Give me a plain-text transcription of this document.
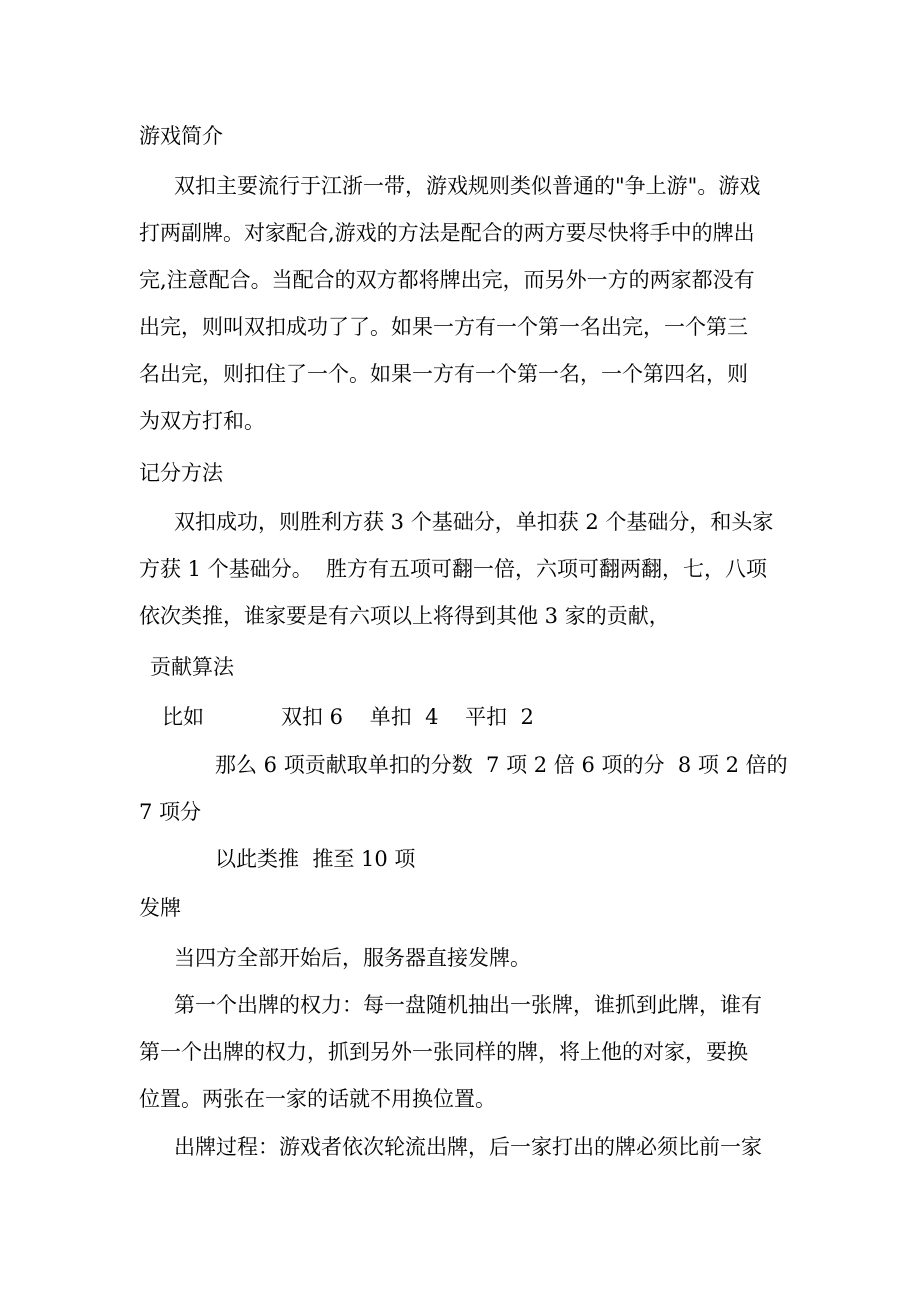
游戏简介

双扣主要流行于江浙一带，游戏规则类似普通的"争上游"。游戏

打两副牌。对家配合,游戏的方法是配合的两方要尽快将手中的牌出

完,注意配合。当配合的双方都将牌出完，而另外一方的两家都没有

出完，则叫双扣成功了了。如果一方有一个第一名出完，一个第三

名出完，则扣住了一个。如果一方有一个第一名，一个第四名，则

为双方打和。

记分方法

双扣成功，则胜利方获 3 个基础分，单扣获 2 个基础分，和头家

方获 1 个基础分。  胜方有五项可翻一倍，六项可翻两翻，七，八项

依次类推，谁家要是有六项以上将得到其他 3 家的贡献，

贡献算法

比如	双扣 6    单扣  4    平扣  2

那么 6 项贡献取单扣的分数  7 项 2 倍 6 项的分  8 项 2 倍的

7 项分

以此类推  推至 10 项

发牌

当四方全部开始后，服务器直接发牌。

第一个出牌的权力：每一盘随机抽出一张牌，谁抓到此牌，谁有

第一个出牌的权力，抓到另外一张同样的牌，将上他的对家，要换

位置。两张在一家的话就不用换位置。

出牌过程：游戏者依次轮流出牌，后一家打出的牌必须比前一家
